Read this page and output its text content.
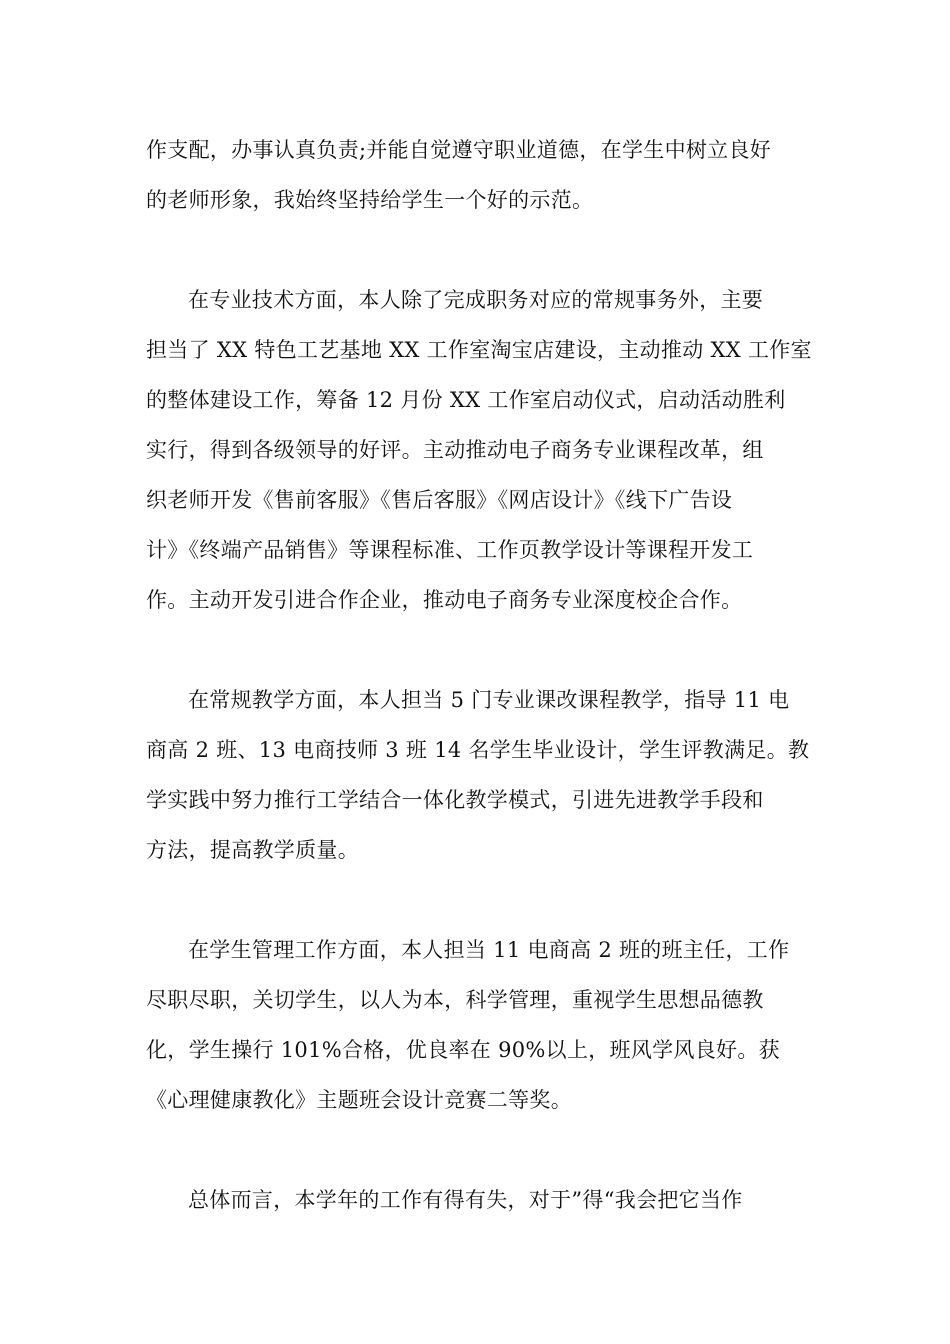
作支配，办事认真负责;并能自觉遵守职业道德，在学生中树立良好
的老师形象，我始终坚持给学生一个好的示范。
在专业技术方面，本人除了完成职务对应的常规事务外，主要
担当了 XX 特色工艺基地 XX 工作室淘宝店建设，主动推动 XX 工作室
的整体建设工作，筹备 12 月份 XX 工作室启动仪式，启动活动胜利
实行，得到各级领导的好评。主动推动电子商务专业课程改革，组
织老师开发《售前客服》《售后客服》《网店设计》《线下广告设
计》《终端产品销售》等课程标准、工作页教学设计等课程开发工
作。主动开发引进合作企业，推动电子商务专业深度校企合作。
在常规教学方面，本人担当 5 门专业课改课程教学，指导 11 电
商高 2 班、13 电商技师 3 班 14 名学生毕业设计，学生评教满足。教
学实践中努力推行工学结合一体化教学模式，引进先进教学手段和
方法，提高教学质量。
在学生管理工作方面，本人担当 11 电商高 2 班的班主任，工作
尽职尽职，关切学生，以人为本，科学管理，重视学生思想品德教
化，学生操行 101%合格，优良率在 90%以上，班风学风良好。获
《心理健康教化》主题班会设计竞赛二等奖。
总体而言，本学年的工作有得有失，对于”得“我会把它当作
